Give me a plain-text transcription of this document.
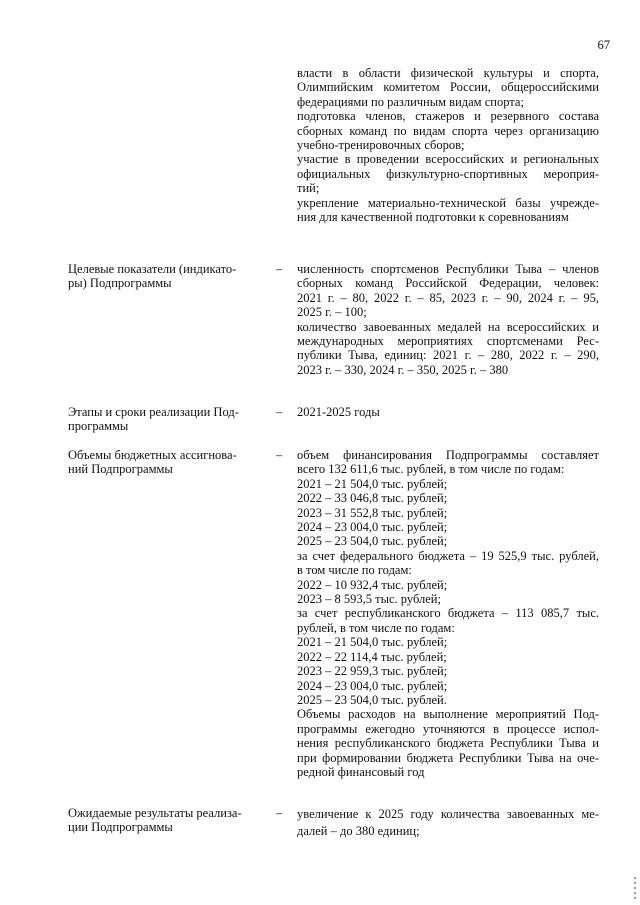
67
власти в области физической культуры и спорта,
Олимпийским комитетом России, общероссийскими
федерациями по различным видам спорта;
подготовка членов, стажеров и резервного состава
сборных команд по видам спорта через организацию
учебно-тренировочных сборов;
участие в проведении всероссийских и региональных
официальных физкультурно-спортивных мероприя-
тий;
укрепление материально-технической базы учрежде-
ния для качественной подготовки к соревнованиям
Целевые показатели (индикато-
ры) Подпрограммы
– численность спортсменов Республики Тыва – членов
сборных команд Российской Федерации, человек:
2021 г. – 80, 2022 г. – 85, 2023 г. – 90, 2024 г. – 95,
2025 г. – 100;
количество завоеванных медалей на всероссийских и
международных мероприятиях спортсменами Рес-
публики Тыва, единиц: 2021 г. – 280, 2022 г. – 290,
2023 г. – 330, 2024 г. – 350, 2025 г. – 380
Этапы и сроки реализации Под-
программы
– 2021-2025 годы
Объемы бюджетных ассигнова-
ний Подпрограммы
– объем финансирования Подпрограммы составляет
всего 132 611,6 тыс. рублей, в том числе по годам:
2021 – 21 504,0 тыс. рублей;
2022 – 33 046,8 тыс. рублей;
2023 – 31 552,8 тыс. рублей;
2024 – 23 004,0 тыс. рублей;
2025 – 23 504,0 тыс. рублей;
за счет федерального бюджета – 19 525,9 тыс. рублей,
в том числе по годам:
2022 – 10 932,4 тыс. рублей;
2023 – 8 593,5 тыс. рублей;
за счет республиканского бюджета – 113 085,7 тыс.
рублей, в том числе по годам:
2021 – 21 504,0 тыс. рублей;
2022 – 22 114,4 тыс. рублей;
2023 – 22 959,3 тыс. рублей;
2024 – 23 004,0 тыс. рублей;
2025 – 23 504,0 тыс. рублей.
Объемы расходов на выполнение мероприятий Под-
программы ежегодно уточняются в процессе испол-
нения республиканского бюджета Республики Тыва и
при формировании бюджета Республики Тыва на оче-
редной финансовый год
Ожидаемые результаты реализа-
ции Подпрограммы
– увеличение к 2025 году количества завоеванных ме-
далей – до 380 единиц;
